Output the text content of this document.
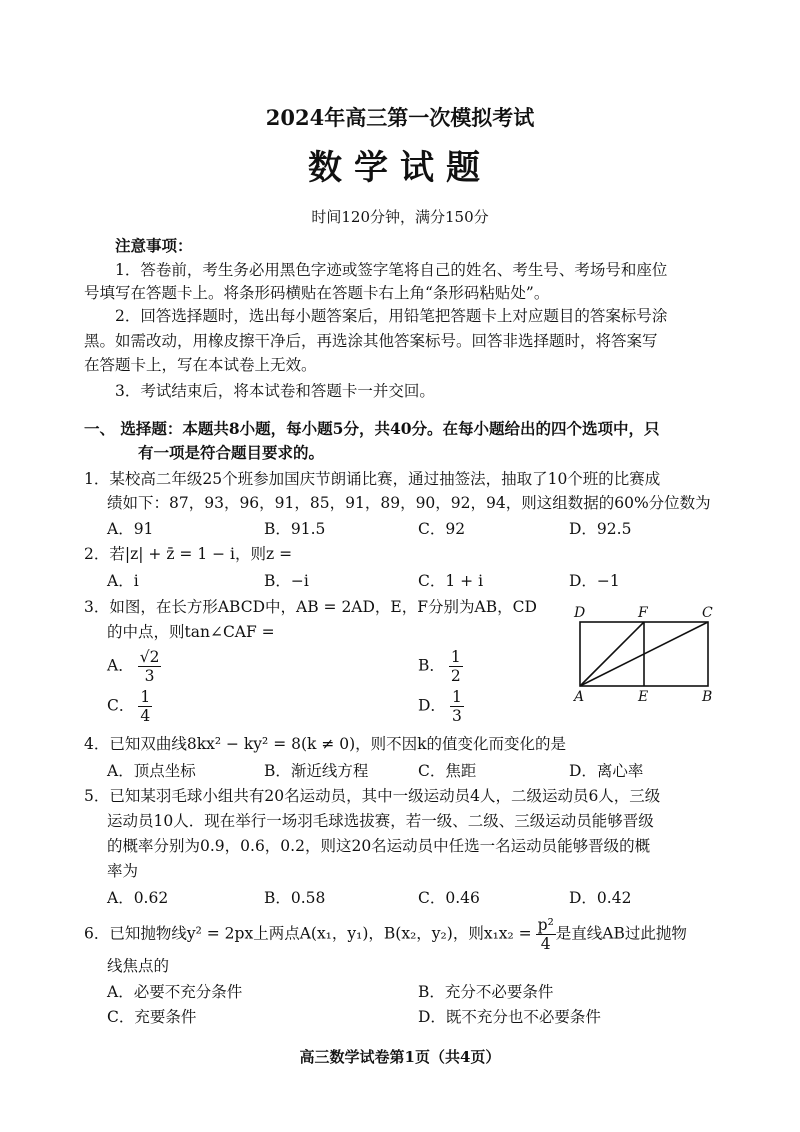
2024年高三第一次模拟考试
数学试题
时间120分钟，满分150分
注意事项：
1．答卷前，考生务必用黑色字迹或签字笔将自己的姓名、考生号、考场号和座位
号填写在答题卡上。将条形码横贴在答题卡右上角“条形码粘贴处”。
2．回答选择题时，选出每小题答案后，用铅笔把答题卡上对应题目的答案标号涂
黑。如需改动，用橡皮擦干净后，再选涂其他答案标号。回答非选择题时，将答案写
在答题卡上，写在本试卷上无效。
3．考试结束后，将本试卷和答题卡一并交回。
一、 选择题：本题共8小题，每小题5分，共40分。在每小题给出的四个选项中，只
有一项是符合题目要求的。
1．某校高二年级25个班参加国庆节朗诵比赛，通过抽签法，抽取了10个班的比赛成
绩如下：87，93，96，91，85，91，89，90，92，94，则这组数据的60%分位数为
A．91	B．91.5	C．92	D．92.5
2．若|z| + z̄ = 1 − i，则z =
A．i	B．−i	C．1 + i	D．−1
3．如图，在长方形ABCD中，AB = 2AD，E，F分别为AB，CD
的中点，则tan∠CAF =
A． $\frac{√2}{3}$	B． $\frac{1}{2}$
C． $\frac{1}{4}$	D． $\frac{1}{3}$
D	F	C
A	E	B
4．已知双曲线8kx² − ky² = 8(k ≠ 0)，则不因k的值变化而变化的是
A．顶点坐标	B．渐近线方程	C．焦距	D．离心率
5．已知某羽毛球小组共有20名运动员，其中一级运动员4人，二级运动员6人，三级
运动员10人．现在举行一场羽毛球选拔赛，若一级、二级、三级运动员能够晋级
的概率分别为0.9，0.6，0.2，则这20名运动员中任选一名运动员能够晋级的概
率为
A．0.62	B．0.58	C．0.46	D．0.42
6．已知抛物线y² = 2px上两点A(x₁，y₁)，B(x₂，y₂)，则$x_1x_2 = \frac{\text{p²}}{4}$ 是直线AB过此抛物
线焦点的
A．必要不充分条件	B．充分不必要条件
C．充要条件	D．既不充分也不必要条件
高三数学试卷第1页（共4页）
